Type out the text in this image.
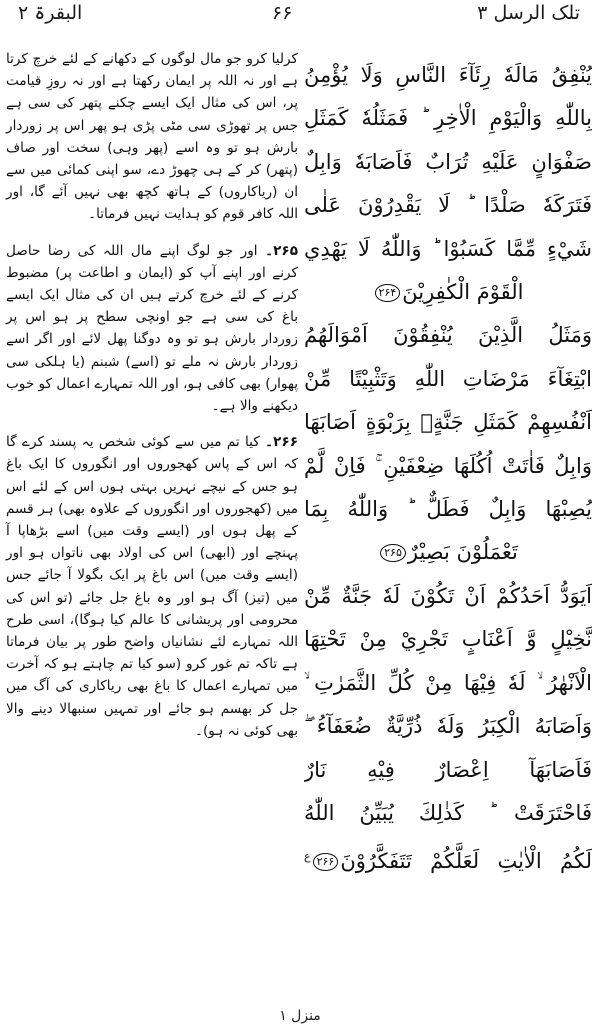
تلک الرسل ۳
۶۶
البقرۃ ۲
يُنْفِقُ مَالَهٗ رِئَآءَ النَّاسِ وَلَا يُؤْمِنُ
بِاللّٰهِ وَالْيَوْمِ الْاٰخِرِ ؕ فَمَثَلُهٗ كَمَثَلِ
صَفْوَانٍ عَلَيْهِ تُرَابٌ فَاَصَابَهٗ وَابِلٌ
فَتَرَكَهٗ صَلْدًا ؕ لَا يَقْدِرُوْنَ عَلٰى
شَيْءٍ مِّمَّا كَسَبُوْا ؕ وَاللّٰهُ لَا يَهْدِي
الْقَوْمَ الْكٰفِرِيْنَ۲۶۴
وَمَثَلُ الَّذِيْنَ يُنْفِقُوْنَ اَمْوَالَهُمُ
ابْتِغَآءَ مَرْضَاتِ اللّٰهِ وَتَثْبِيْتًا مِّنْ
اَنْفُسِهِمْ كَمَثَلِ جَنَّةٍۭ بِرَبْوَةٍ اَصَابَهَا
وَابِلٌ فَاٰتَتْ اُكُلَهَا ضِعْفَيْنِ ۚ فَاِنْ لَّمْ
يُصِبْهَا وَابِلٌ فَطَلٌّ ؕ وَاللّٰهُ بِمَا
تَعْمَلُوْنَ بَصِيْرٌ۲۶۵
اَيَوَدُّ اَحَدُكُمْ اَنْ تَكُوْنَ لَهٗ جَنَّةٌ مِّنْ
نَّخِيْلٍ وَّ اَعْنَابٍ تَجْرِيْ مِنْ تَحْتِهَا
الْاَنْهٰرُ ۙ لَهٗ فِيْهَا مِنْ كُلِّ الثَّمَرٰتِ ۙ
وَاَصَابَهُ الْكِبَرُ وَلَهٗ ذُرِّيَّةٌ ضُعَفَآءُ ۖ
فَاَصَابَهَآ اِعْصَارٌ فِيْهِ نَارٌ
فَاحْتَرَقَتْ ؕ كَذٰلِكَ يُبَيِّنُ اللّٰهُ
لَكُمُ الْاٰيٰتِ لَعَلَّكُمْ $تَتَفَكَّرُوْنَ۲۶۶^ع$

کرلیا کرو جو مال لوگوں کے دکھانے کے لئے خرچ کرتا ہے اور نہ اللہ پر ایمان رکھتا ہے اور نہ روزِ قیامت پر، اس کی مثال ایک ایسے چکنے پتھر کی سی ہے جس پر تھوڑی سی مٹی پڑی ہو پھر اس پر زوردار بارش ہو تو وہ اسے (پھر وہی) سخت اور صاف (پتھر) کر کے ہی چھوڑ دے، سو اپنی کمائی میں سے ان (ریاکاروں) کے ہاتھ کچھ بھی نہیں آئے گا، اور اللہ کافر قوم کو ہدایت نہیں فرماتا۔

۲۶۵۔ اور جو لوگ اپنے مال اللہ کی رضا حاصل کرنے اور اپنے آپ کو (ایمان و اطاعت پر) مضبوط کرنے کے لئے خرچ کرتے ہیں ان کی مثال ایک ایسے باغ کی سی ہے جو اونچی سطح پر ہو اس پر زوردار بارش ہو تو وہ دوگنا پھل لائے اور اگر اسے زوردار بارش نہ ملے تو (اسے) شبنم (یا ہلکی سی پھوار) بھی کافی ہو، اور اللہ تمہارے اعمال کو خوب دیکھنے والا ہے۔

۲۶۶۔ کیا تم میں سے کوئی شخص یہ پسند کرے گا کہ اس کے پاس کھجوروں اور انگوروں کا ایک باغ ہو جس کے نیچے نہریں بہتی ہوں اس کے لئے اس میں (کھجوروں اور انگوروں کے علاوہ بھی) ہر قسم کے پھل ہوں اور (ایسے وقت میں) اسے بڑھاپا آ پہنچے اور (ابھی) اس کی اولاد بھی ناتواں ہو اور (ایسے وقت میں) اس باغ پر ایک بگولا آ جائے جس میں (تیز) آگ ہو اور وہ باغ جل جائے (تو اس کی محرومی اور پریشانی کا عالم کیا ہوگا)، اسی طرح اللہ تمہارے لئے نشانیاں واضح طور پر بیان فرماتا ہے تاکہ تم غور کرو (سو کیا تم چاہتے ہو کہ آخرت میں تمہارے اعمال کا باغ بھی ریاکاری کی آگ میں جل کر بھسم ہو جائے اور تمہیں سنبھالا دینے والا بھی کوئی نہ ہو)۔

منزل ۱
